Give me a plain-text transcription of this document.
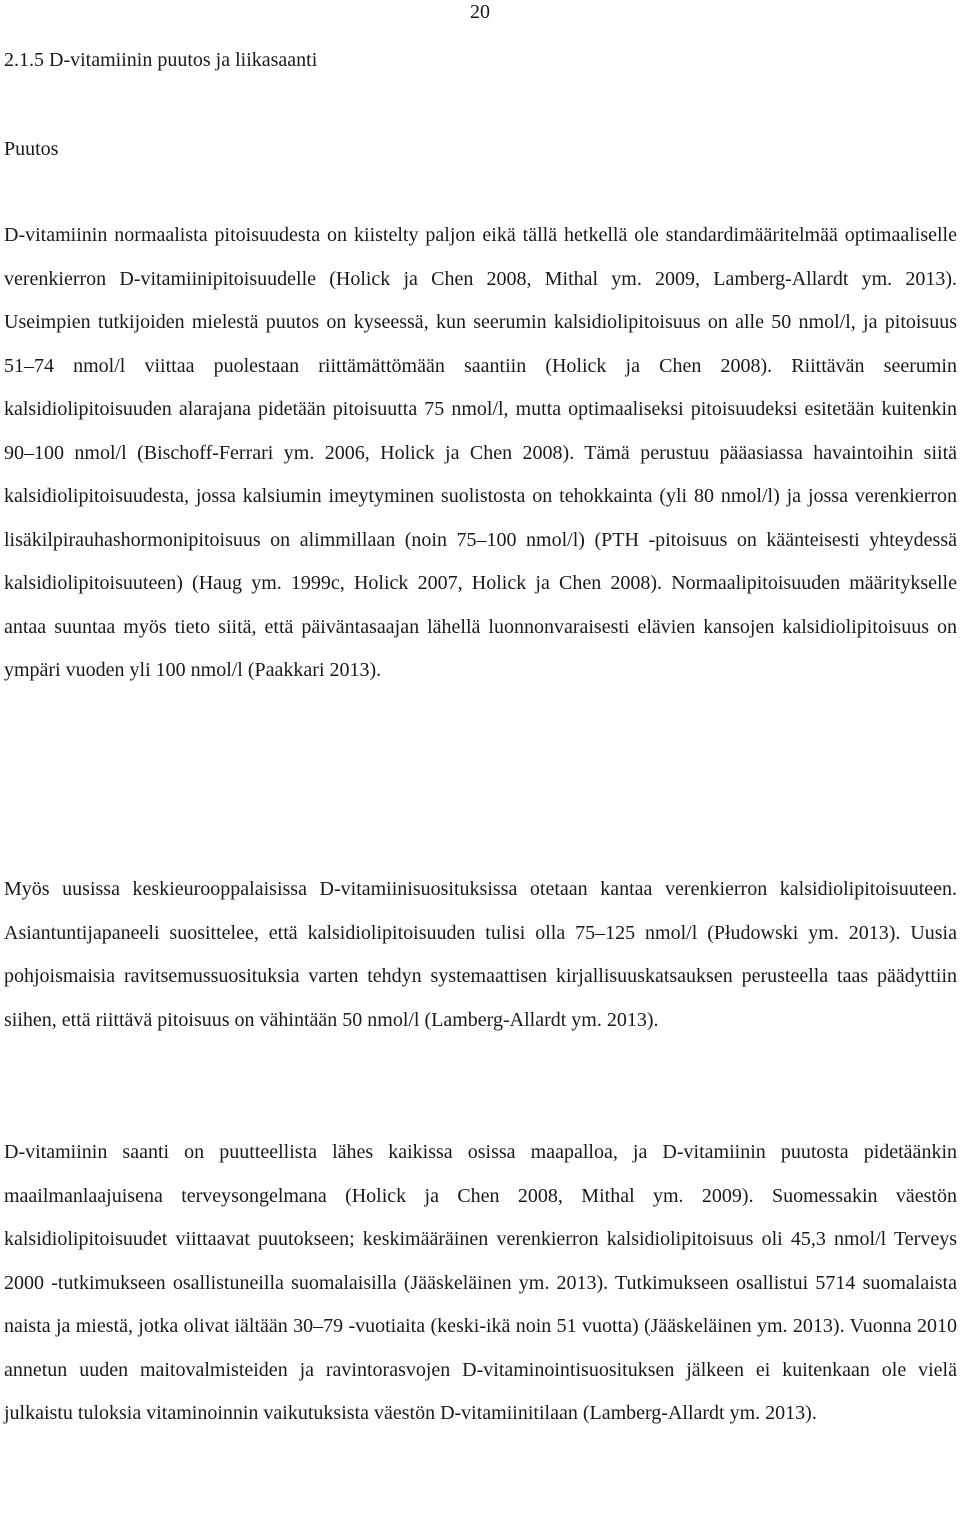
20
2.1.5 D-vitamiinin puutos ja liikasaanti
Puutos

D-vitamiinin normaalista pitoisuudesta on kiistelty paljon eikä tällä hetkellä ole standardimääritelmää optimaaliselle verenkierron D-vitamiinipitoisuudelle (Holick ja Chen 2008, Mithal ym. 2009, Lamberg-Allardt ym. 2013). Useimpien tutkijoiden mielestä puutos on kyseessä, kun seerumin kalsidiolipitoisuus on alle 50 nmol/l, ja pitoisuus 51–74 nmol/l viittaa puolestaan riittämättömään saantiin (Holick ja Chen 2008). Riittävän seerumin kalsidiolipitoisuuden alarajana pidetään pitoisuutta 75 nmol/l, mutta optimaaliseksi pitoisuudeksi esitetään kuitenkin 90–100 nmol/l (Bischoff-Ferrari ym. 2006, Holick ja Chen 2008). Tämä perustuu pääasiassa havaintoihin siitä kalsidiolipitoisuudesta, jossa kalsiumin imeytyminen suolistosta on tehokkainta (yli 80 nmol/l) ja jossa verenkierron lisäkilpirauhashormonipitoisuus on alimmillaan (noin 75–100 nmol/l) (PTH -pitoisuus on käänteisesti yhteydessä kalsidiolipitoisuuteen) (Haug ym. 1999c, Holick 2007, Holick ja Chen 2008). Normaalipitoisuuden määritykselle antaa suuntaa myös tieto siitä, että päiväntasaajan lähellä luonnonvaraisesti elävien kansojen kalsidiolipitoisuus on ympäri vuoden yli 100 nmol/l (Paakkari 2013).

Myös uusissa keskieurooppalaisissa D-vitamiinisuosituksissa otetaan kantaa verenkierron kalsidiolipitoisuuteen. Asiantuntijapaneeli suosittelee, että kalsidiolipitoisuuden tulisi olla 75–125 nmol/l (Płudowski ym. 2013). Uusia pohjoismaisia ravitsemussuosituksia varten tehdyn systemaattisen kirjallisuuskatsauksen perusteella taas päädyttiin siihen, että riittävä pitoisuus on vähintään 50 nmol/l (Lamberg-Allardt ym. 2013).

D-vitamiinin saanti on puutteellista lähes kaikissa osissa maapalloa, ja D-vitamiinin puutosta pidetäänkin maailmanlaajuisena terveysongelmana (Holick ja Chen 2008, Mithal ym. 2009). Suomessakin väestön kalsidiolipitoisuudet viittaavat puutokseen; keskimääräinen verenkierron kalsidiolipitoisuus oli 45,3 nmol/l Terveys 2000 -tutkimukseen osallistuneilla suomalaisilla (Jääskeläinen ym. 2013). Tutkimukseen osallistui 5714 suomalaista naista ja miestä, jotka olivat iältään 30–79 -vuotiaita (keski-ikä noin 51 vuotta) (Jääskeläinen ym. 2013). Vuonna 2010 annetun uuden maitovalmisteiden ja ravintorasvojen D-vitaminointisuosituksen jälkeen ei kuitenkaan ole vielä julkaistu tuloksia vitaminoinnin vaikutuksista väestön D-vitamiinitilaan (Lamberg-Allardt ym. 2013).
